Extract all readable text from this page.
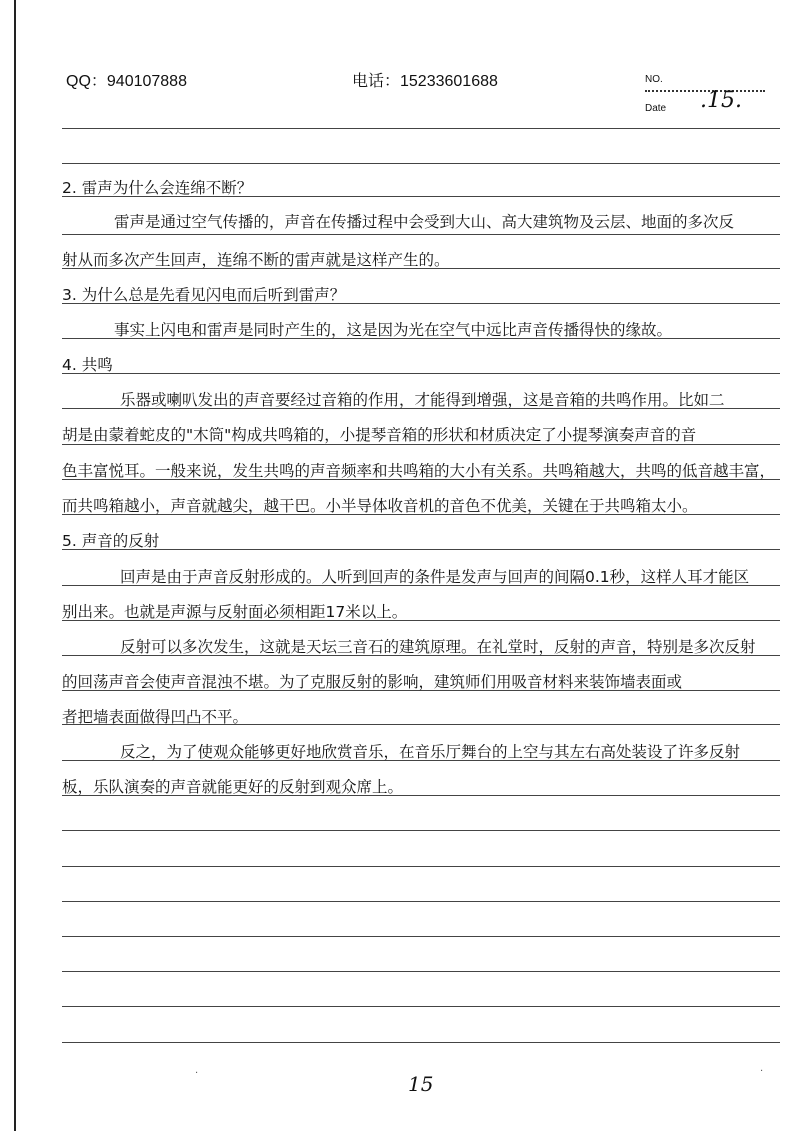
QQ：940107888	电话：15233601688	NO.
Date .15.
2. 雷声为什么会连绵不断？
雷声是通过空气传播的，声音在传播过程中会受到大山、高大建筑物及云层、地面的多次反
射从而多次产生回声，连绵不断的雷声就是这样产生的。
3. 为什么总是先看见闪电而后听到雷声？
事实上闪电和雷声是同时产生的，这是因为光在空气中远比声音传播得快的缘故。
4. 共鸣
乐器或喇叭发出的声音要经过音箱的作用，才能得到增强，这是音箱的共鸣作用。比如二
胡是由蒙着蛇皮的"木筒"构成共鸣箱的，小提琴音箱的形状和材质决定了小提琴演奏声音的音
色丰富悦耳。一般来说，发生共鸣的声音频率和共鸣箱的大小有关系。共鸣箱越大，共鸣的低音越丰富，
而共鸣箱越小，声音就越尖，越干巴。小半导体收音机的音色不优美，关键在于共鸣箱太小。
5. 声音的反射
回声是由于声音反射形成的。人听到回声的条件是发声与回声的间隔0.1秒，这样人耳才能区
别出来。也就是声源与反射面必须相距17米以上。
反射可以多次发生，这就是天坛三音石的建筑原理。在礼堂时，反射的声音，特别是多次反射
的回荡声音会使声音混浊不堪。为了克服反射的影响，建筑师们用吸音材料来装饰墙表面或
者把墙表面做得凹凸不平。
反之，为了使观众能够更好地欣赏音乐，在音乐厅舞台的上空与其左右高处装设了许多反射
板，乐队演奏的声音就能更好的反射到观众席上。
·	·
15
